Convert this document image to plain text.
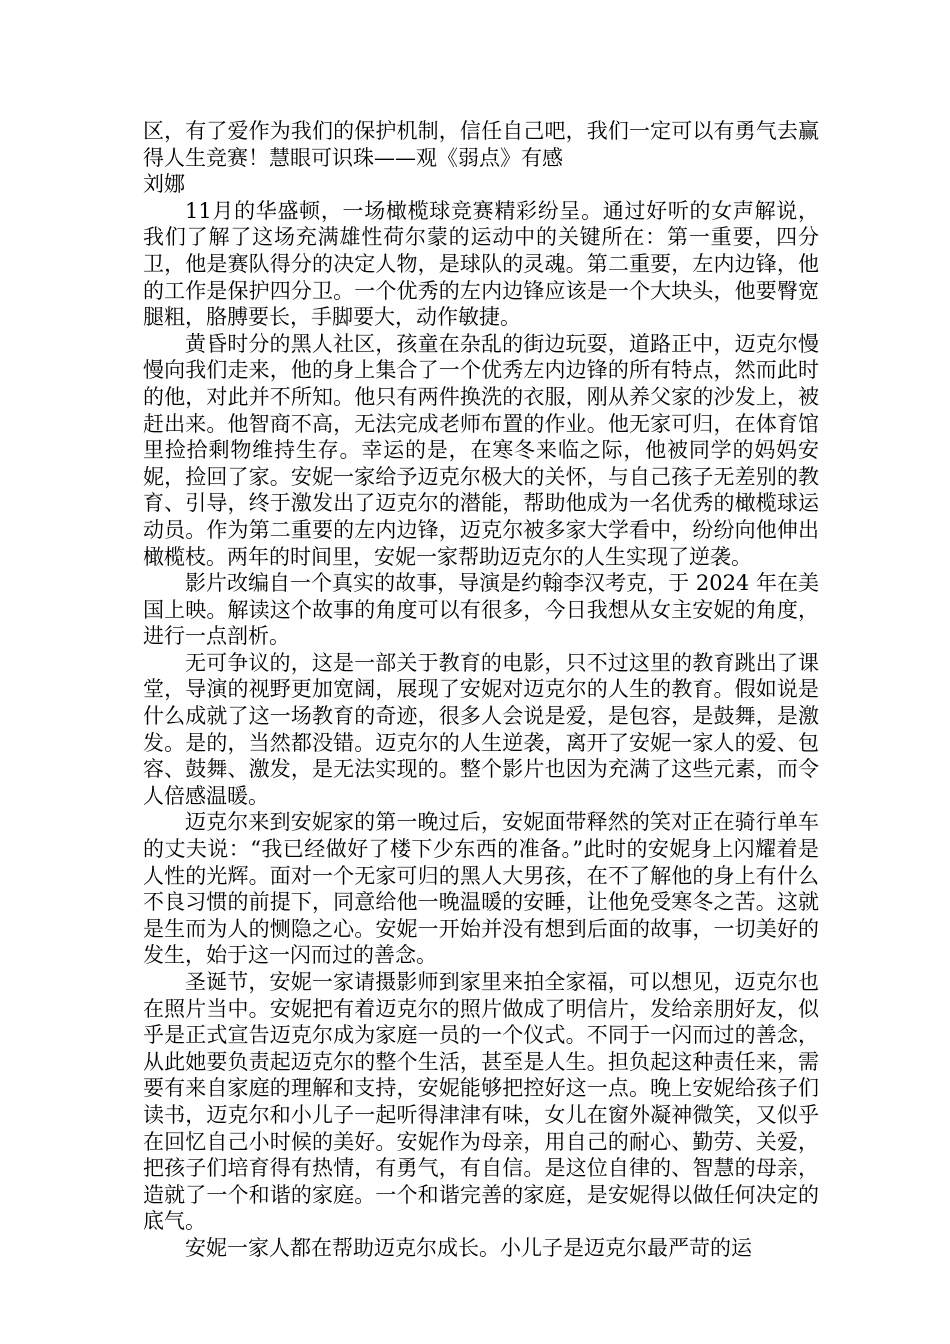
区，有了爱作为我们的保护机制，信任自己吧，我们一定可以有勇气去赢得人生竞赛！慧眼可识珠——观《弱点》有感

刘娜

11月的华盛顿，一场橄榄球竞赛精彩纷呈。通过好听的女声解说，我们了解了这场充满雄性荷尔蒙的运动中的关键所在：第一重要，四分卫，他是赛队得分的决定人物，是球队的灵魂。第二重要，左内边锋，他的工作是保护四分卫。一个优秀的左内边锋应该是一个大块头，他要臀宽腿粗，胳膊要长，手脚要大，动作敏捷。

黄昏时分的黑人社区，孩童在杂乱的街边玩耍，道路正中，迈克尔慢慢向我们走来，他的身上集合了一个优秀左内边锋的所有特点，然而此时的他，对此并不所知。他只有两件换洗的衣服，刚从养父家的沙发上，被赶出来。他智商不高，无法完成老师布置的作业。他无家可归，在体育馆里捡拾剩物维持生存。幸运的是，在寒冬来临之际，他被同学的妈妈安妮，捡回了家。安妮一家给予迈克尔极大的关怀，与自己孩子无差别的教育、引导，终于激发出了迈克尔的潜能，帮助他成为一名优秀的橄榄球运动员。作为第二重要的左内边锋，迈克尔被多家大学看中，纷纷向他伸出橄榄枝。两年的时间里，安妮一家帮助迈克尔的人生实现了逆袭。

影片改编自一个真实的故事，导演是约翰李汉考克，于 2024 年在美国上映。解读这个故事的角度可以有很多，今日我想从女主安妮的角度，进行一点剖析。

无可争议的，这是一部关于教育的电影，只不过这里的教育跳出了课堂，导演的视野更加宽阔，展现了安妮对迈克尔的人生的教育。假如说是什么成就了这一场教育的奇迹，很多人会说是爱，是包容，是鼓舞，是激发。是的，当然都没错。迈克尔的人生逆袭，离开了安妮一家人的爱、包容、鼓舞、激发，是无法实现的。整个影片也因为充满了这些元素，而令人倍感温暖。

迈克尔来到安妮家的第一晚过后，安妮面带释然的笑对正在骑行单车的丈夫说：“我已经做好了楼下少东西的准备。”此时的安妮身上闪耀着是人性的光辉。面对一个无家可归的黑人大男孩，在不了解他的身上有什么不良习惯的前提下，同意给他一晚温暖的安睡，让他免受寒冬之苦。这就是生而为人的恻隐之心。安妮一开始并没有想到后面的故事，一切美好的发生，始于这一闪而过的善念。

圣诞节，安妮一家请摄影师到家里来拍全家福，可以想见，迈克尔也在照片当中。安妮把有着迈克尔的照片做成了明信片，发给亲朋好友，似乎是正式宣告迈克尔成为家庭一员的一个仪式。不同于一闪而过的善念，从此她要负责起迈克尔的整个生活，甚至是人生。担负起这种责任来，需要有来自家庭的理解和支持，安妮能够把控好这一点。晚上安妮给孩子们读书，迈克尔和小儿子一起听得津津有味，女儿在窗外凝神微笑，又似乎在回忆自己小时候的美好。安妮作为母亲，用自己的耐心、勤劳、关爱，把孩子们培育得有热情，有勇气，有自信。是这位自律的、智慧的母亲，造就了一个和谐的家庭。一个和谐完善的家庭，是安妮得以做任何决定的底气。

安妮一家人都在帮助迈克尔成长。小儿子是迈克尔最严苛的运
